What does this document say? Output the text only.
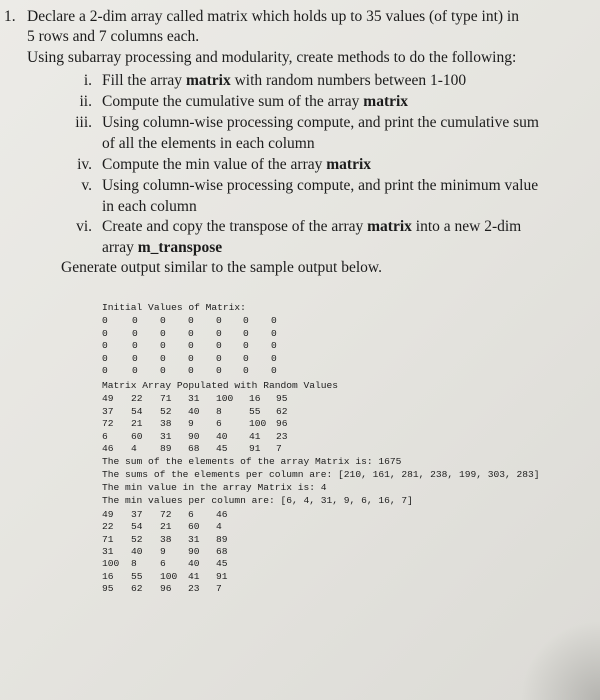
1. Declare a 2-dim array called matrix which holds up to 35 values (of type int) in
5 rows and 7 columns each.
Using subarray processing and modularity, create methods to do the following:
i. Fill the array matrix with random numbers between 1-100
ii. Compute the cumulative sum of the array matrix
iii. Using column-wise processing compute, and print the cumulative sum
of all the elements in each column
iv. Compute the min value of the array matrix
v. Using column-wise processing compute, and print the minimum value
in each column
vi. Create and copy the transpose of the array matrix into a new 2-dim
array m_transpose
Generate output similar to the sample output below.
Initial Values of Matrix:
0	0 0 0 0 0 0
0	0 0 0 0 0 0
0	0 0 0 0 0 0
0	0 0 0 0 0 0
0	0 0 0 0 0 0
Matrix Array Populated with Random Values
49 22 71 31 100 16 95
37 54 52 40 8	55 62
72 21 38 9 6	100 96
6 60 31 90 40 41 23
46 4 89 68 45 91 7
The sum of the elements of the array Matrix is: 1675
The sums of the elements per column are: [210, 161, 281, 238, 199, 303, 283]
The min value in the array Matrix is: 4
The min values per column are: [6, 4, 31, 9, 6, 16, 7]
49 37 72 6 46
22 54 21 60 4
71 52 38 31 89
31 40 9 90 68
100 8 6 40 45
16 55 100 41 91
95 62 96 23 7
